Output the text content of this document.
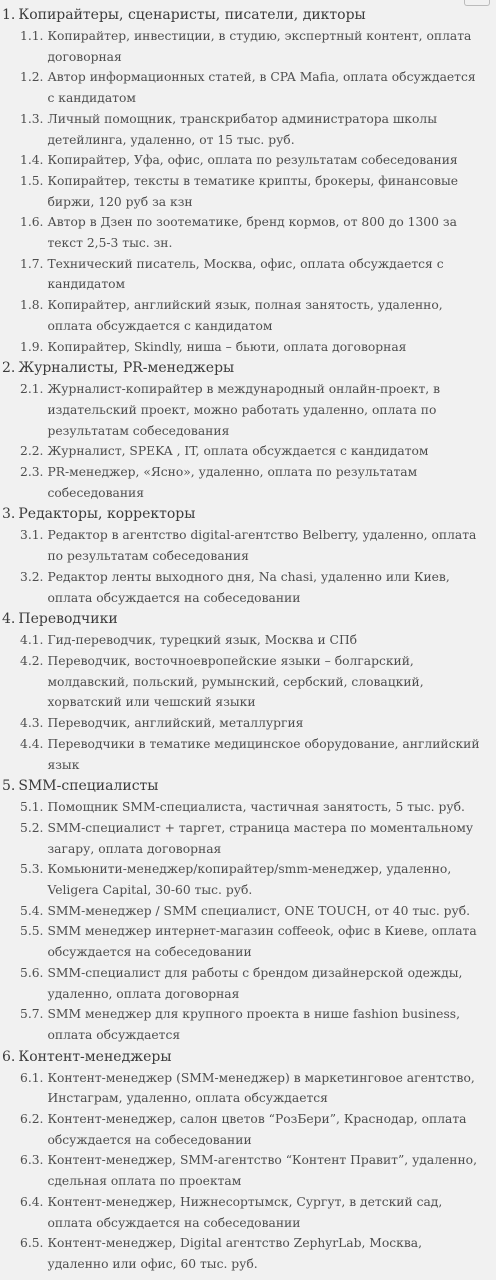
1. Копирайтеры, сценаристы, писатели, дикторы
1.1. Копирайтер, инвестиции, в студию, экспертный контент, оплата договорная
1.2. Автор информационных статей, в CPA Mafia, оплата обсуждается с кандидатом
1.3. Личный помощник, транскрибатор администратора школы детейлинга, удаленно, от 15 тыс. руб.
1.4. Копирайтер, Уфа, офис, оплата по результатам собеседования
1.5. Копирайтер, тексты в тематике крипты, брокеры, финансовые биржи, 120 руб за кзн
1.6. Автор в Дзен по зоотематике, бренд кормов, от 800 до 1300 за текст 2,5-3 тыс. зн.
1.7. Технический писатель, Москва, офис, оплата обсуждается с кандидатом
1.8. Копирайтер, английский язык, полная занятость, удаленно, оплата обсуждается с кандидатом
1.9. Копирайтер, Skindly, ниша – бьюти, оплата договорная
2. Журналисты, PR-менеджеры
2.1. Журналист-копирайтер в международный онлайн-проект, в издательский проект, можно работать удаленно, оплата по результатам собеседования
2.2. Журналист, SPEKA , IT, оплата обсуждается с кандидатом
2.3. PR-менеджер, «Ясно», удаленно, оплата по результатам собеседования
3. Редакторы, корректоры
3.1. Редактор в агентство digital-агентство Belberry, удаленно, оплата по результатам собеседования
3.2. Редактор ленты выходного дня, Na chasi, удаленно или Киев, оплата обсуждается на собеседовании
4. Переводчики
4.1. Гид-переводчик, турецкий язык, Москва и СПб
4.2. Переводчик, восточноевропейские языки – болгарский, молдавский, польский, румынский, сербский, словацкий, хорватский или чешский языки
4.3. Переводчик, английский, металлургия
4.4. Переводчики в тематике медицинское оборудование, английский язык
5. SMM-специалисты
5.1. Помощник SMM-специалиста, частичная занятость, 5 тыс. руб.
5.2. SMM-специалист + таргет, страница мастера по моментальному загару, оплата договорная
5.3. Комьюнити-менеджер/копирайтер/smm-менеджер, удаленно, Veligera Capital, 30-60 тыс. руб.
5.4. SMM-менеджер / SMM специалист, ONE TOUCH, от 40 тыс. руб.
5.5. SMM менеджер интернет-магазин coffeeok, офис в Киеве, оплата обсуждается на собеседовании
5.6. SMM-специалист для работы с брендом дизайнерской одежды, удаленно, оплата договорная
5.7. SMM менеджер для крупного проекта в нише fashion business, оплата обсуждается
6. Контент-менеджеры
6.1. Контент-менеджер (SMM-менеджер) в маркетинговое агентство, Инстаграм, удаленно, оплата обсуждается
6.2. Контент-менеджер, салон цветов “РозБери”, Краснодар, оплата обсуждается на собеседовании
6.3. Контент-менеджер, SMM-агентство “Контент Правит”, удаленно, сдельная оплата по проектам
6.4. Контент-менеджер, Нижнесортымск, Сургут, в детский сад, оплата обсуждается на собеседовании
6.5. Контент-менеджер, Digital агентство ZephyrLab, Москва, удаленно или офис, 60 тыс. руб.
